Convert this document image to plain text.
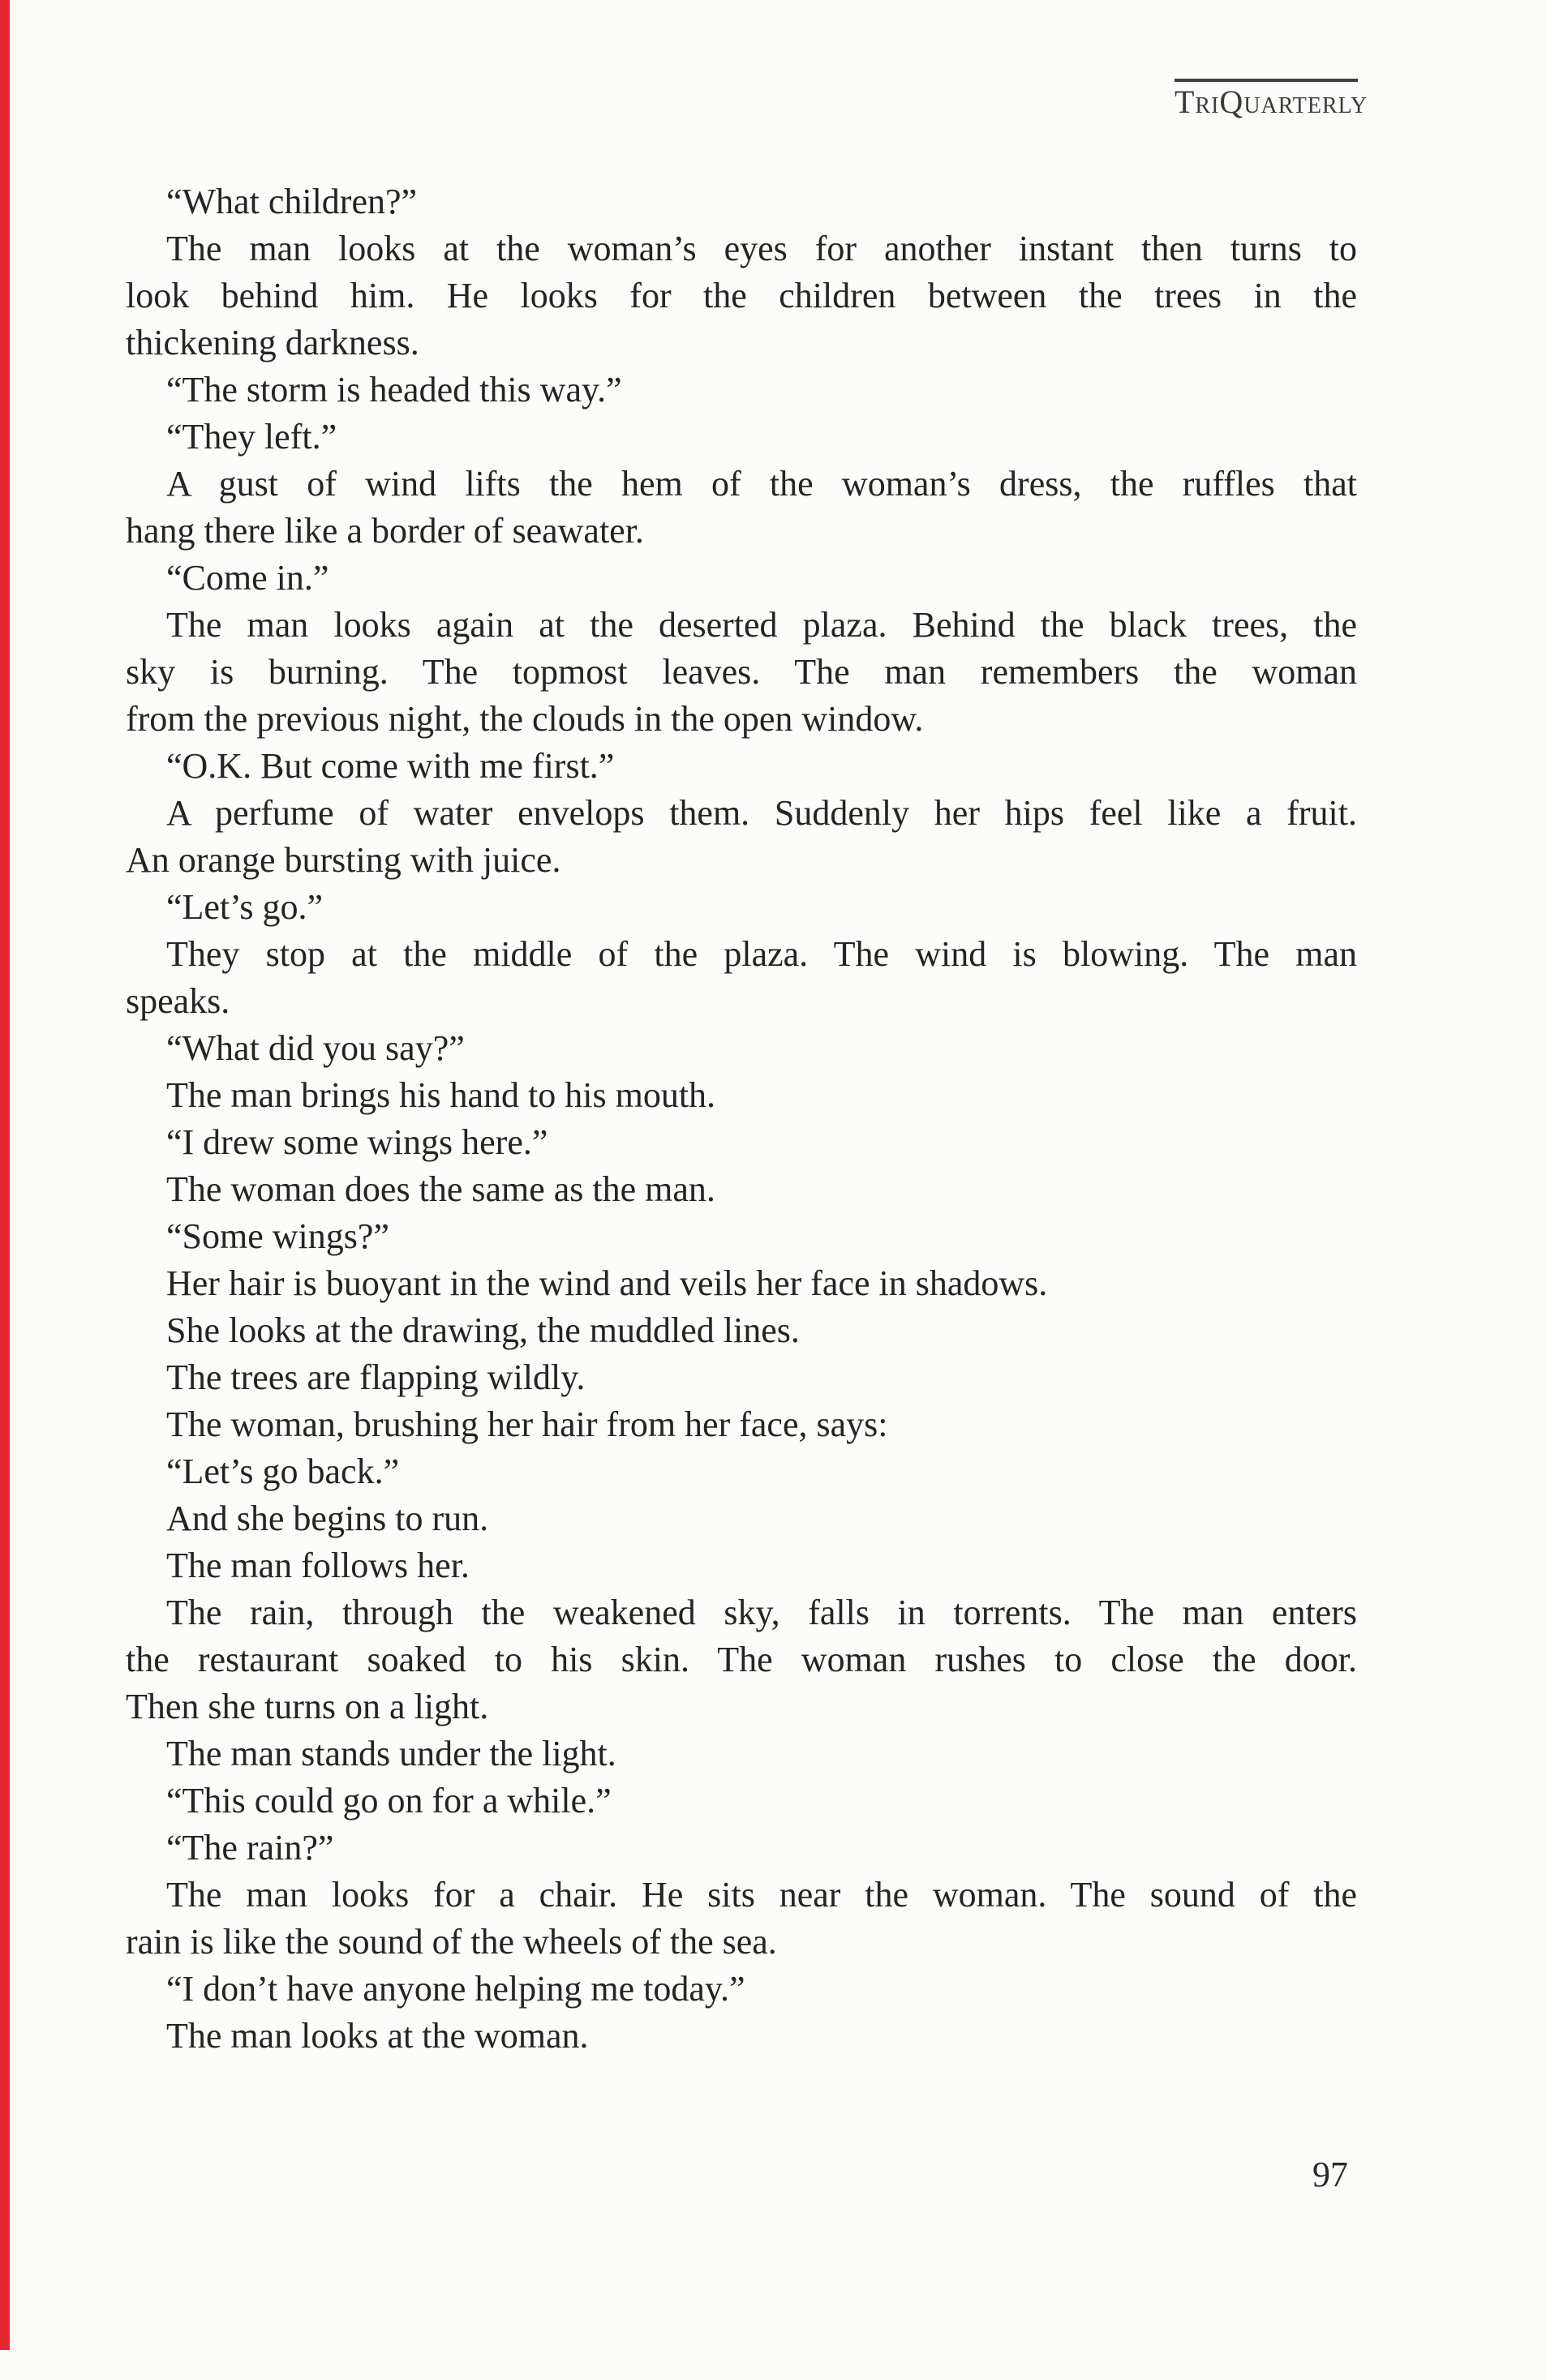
TriQuarterly
“What children?”
The man looks at the woman’s eyes for another instant then turns to
look behind him. He looks for the children between the trees in the
thickening darkness.
“The storm is headed this way.”
“They left.”
A gust of wind lifts the hem of the woman’s dress, the ruffles that
hang there like a border of seawater.
“Come in.”
The man looks again at the deserted plaza. Behind the black trees, the
sky is burning. The topmost leaves. The man remembers the woman
from the previous night, the clouds in the open window.
“O.K. But come with me first.”
A perfume of water envelops them. Suddenly her hips feel like a fruit.
An orange bursting with juice.
“Let’s go.”
They stop at the middle of the plaza. The wind is blowing. The man
speaks.
“What did you say?”
The man brings his hand to his mouth.
“I drew some wings here.”
The woman does the same as the man.
“Some wings?”
Her hair is buoyant in the wind and veils her face in shadows.
She looks at the drawing, the muddled lines.
The trees are flapping wildly.
The woman, brushing her hair from her face, says:
“Let’s go back.”
And she begins to run.
The man follows her.
The rain, through the weakened sky, falls in torrents. The man enters
the restaurant soaked to his skin. The woman rushes to close the door.
Then she turns on a light.
The man stands under the light.
“This could go on for a while.”
“The rain?”
The man looks for a chair. He sits near the woman. The sound of the
rain is like the sound of the wheels of the sea.
“I don’t have anyone helping me today.”
The man looks at the woman.
97
